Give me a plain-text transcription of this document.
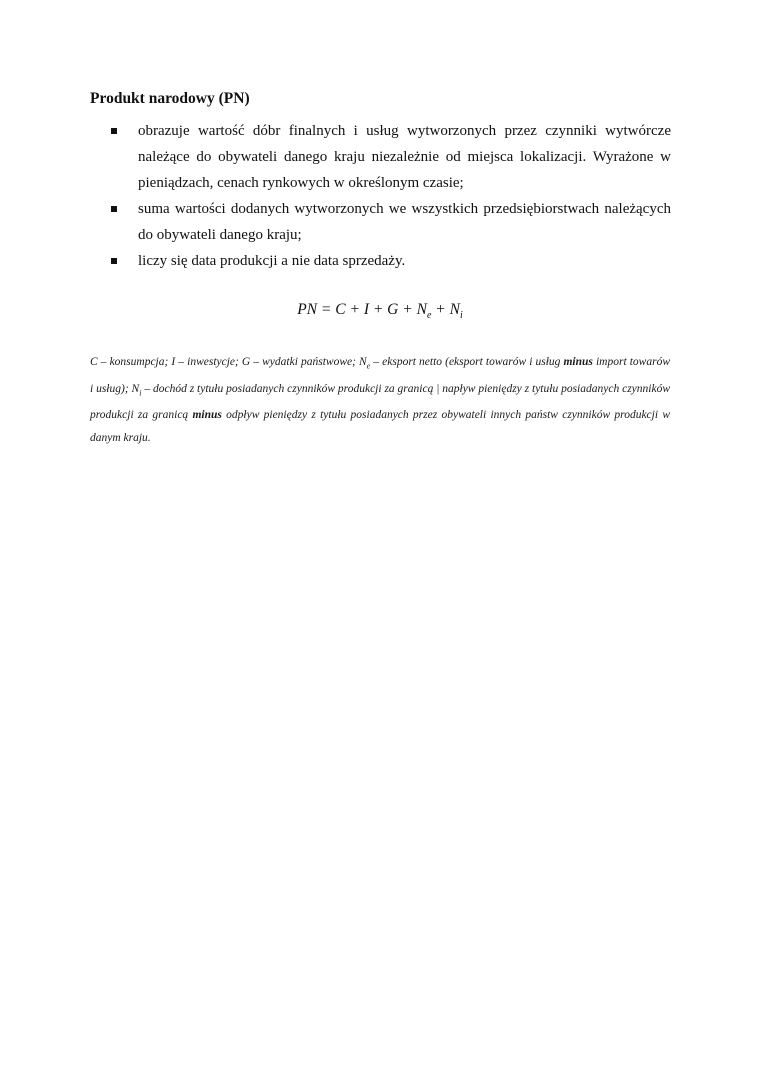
Produkt narodowy (PN)
obrazuje wartość dóbr finalnych i usług wytworzonych przez czynniki wytwórcze należące do obywateli danego kraju niezależnie od miejsca lokalizacji. Wyrażone w pieniądzach, cenach rynkowych w określonym czasie;
suma wartości dodanych wytworzonych we wszystkich przedsiębiorstwach należących do obywateli danego kraju;
liczy się data produkcji a nie data sprzedaży.
PN = $C + I + G + N_e + N_i$
C – konsumpcja; I – inwestycje; G – wydatki państwowe; $N_e$ – eksport netto (eksport towarów i usług minus import towarów i usług); $N_i$ – dochód z tytułu posiadanych czynników produkcji za granicą | napływ pieniędzy z tytułu posiadanych czynników produkcji za granicą minus odpływ pieniędzy z tytułu posiadanych przez obywateli innych państw czynników produkcji w danym kraju.
